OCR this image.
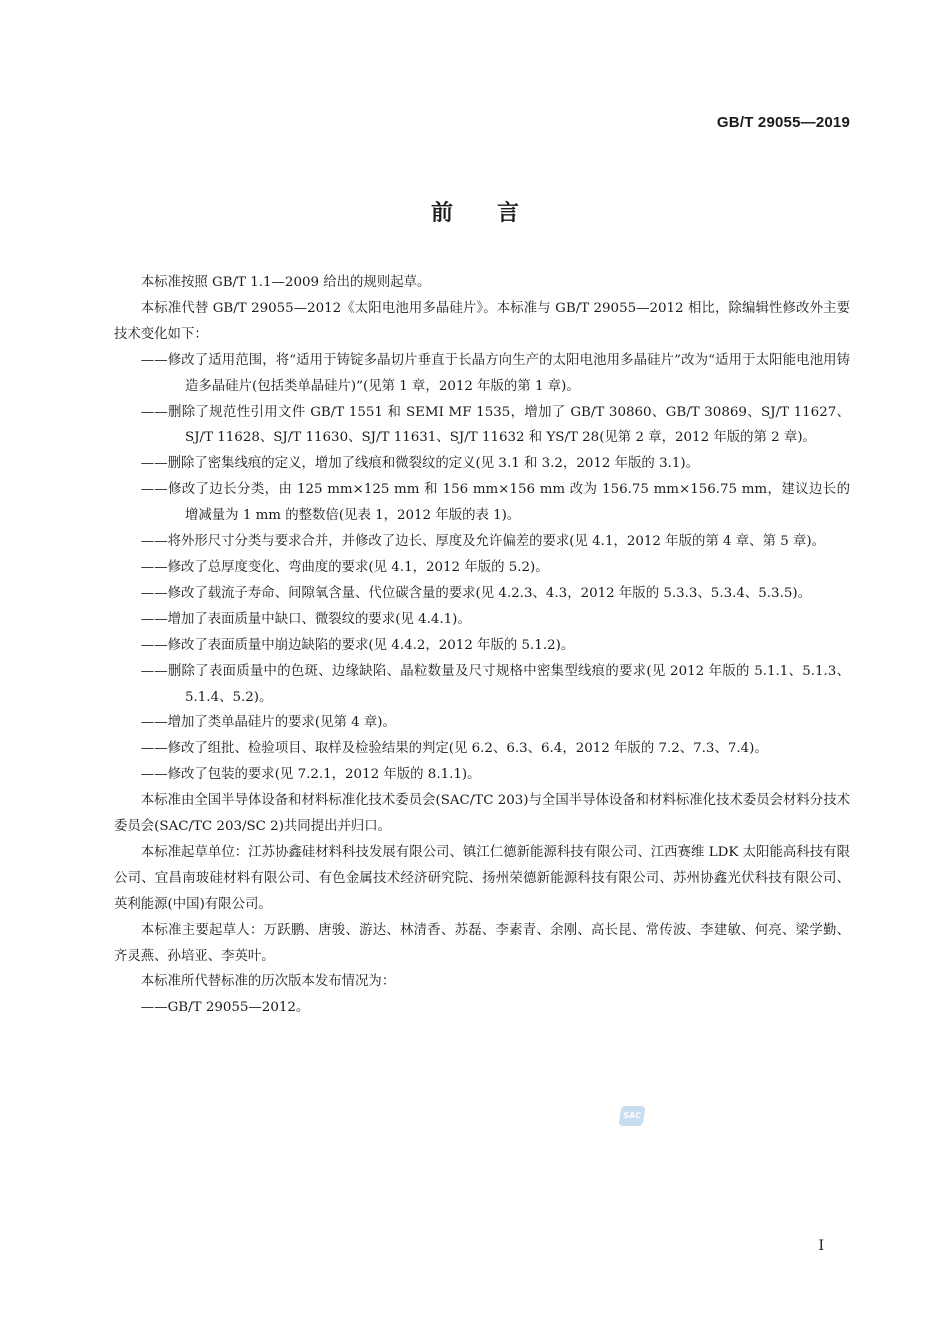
GB/T 29055—2019
前 言

本标准按照 GB/T 1.1—2009 给出的规则起草。

本标准代替 GB/T 29055—2012《太阳电池用多晶硅片》。本标准与 GB/T 29055—2012 相比，除编辑性修改外主要技术变化如下：

——修改了适用范围，将“适用于铸锭多晶切片垂直于长晶方向生产的太阳电池用多晶硅片”改为“适用于太阳能电池用铸造多晶硅片(包括类单晶硅片)”(见第 1 章，2012 年版的第 1 章)。

——删除了规范性引用文件 GB/T 1551 和 SEMI MF 1535，增加了 GB/T 30860、GB/T 30869、SJ/T 11627、SJ/T 11628、SJ/T 11630、SJ/T 11631、SJ/T 11632 和 YS/T 28(见第 2 章，2012 年版的第 2 章)。

——删除了密集线痕的定义，增加了线痕和微裂纹的定义(见 3.1 和 3.2，2012 年版的 3.1)。

——修改了边长分类，由 125 mm×125 mm 和 156 mm×156 mm 改为 156.75 mm×156.75 mm，建议边长的增减量为 1 mm 的整数倍(见表 1，2012 年版的表 1)。

——将外形尺寸分类与要求合并，并修改了边长、厚度及允许偏差的要求(见 4.1，2012 年版的第 4 章、第 5 章)。

——修改了总厚度变化、弯曲度的要求(见 4.1，2012 年版的 5.2)。

——修改了载流子寿命、间隙氧含量、代位碳含量的要求(见 4.2.3、4.3，2012 年版的 5.3.3、5.3.4、5.3.5)。

——增加了表面质量中缺口、微裂纹的要求(见 4.4.1)。

——修改了表面质量中崩边缺陷的要求(见 4.4.2，2012 年版的 5.1.2)。

——删除了表面质量中的色斑、边缘缺陷、晶粒数量及尺寸规格中密集型线痕的要求(见 2012 年版的 5.1.1、5.1.3、5.1.4、5.2)。

——增加了类单晶硅片的要求(见第 4 章)。

——修改了组批、检验项目、取样及检验结果的判定(见 6.2、6.3、6.4，2012 年版的 7.2、7.3、7.4)。

——修改了包装的要求(见 7.2.1，2012 年版的 8.1.1)。

本标准由全国半导体设备和材料标准化技术委员会(SAC/TC 203)与全国半导体设备和材料标准化技术委员会材料分技术委员会(SAC/TC 203/SC 2)共同提出并归口。

本标准起草单位：江苏协鑫硅材料科技发展有限公司、镇江仁德新能源科技有限公司、江西赛维 LDK 太阳能高科技有限公司、宜昌南玻硅材料有限公司、有色金属技术经济研究院、扬州荣德新能源科技有限公司、苏州协鑫光伏科技有限公司、英利能源(中国)有限公司。

本标准主要起草人：万跃鹏、唐骏、游达、林清香、苏磊、李素青、余刚、高长昆、常传波、李建敏、何亮、梁学勤、齐灵燕、孙培亚、李英叶。

本标准所代替标准的历次版本发布情况为：

——GB/T 29055—2012。

SAC
I
